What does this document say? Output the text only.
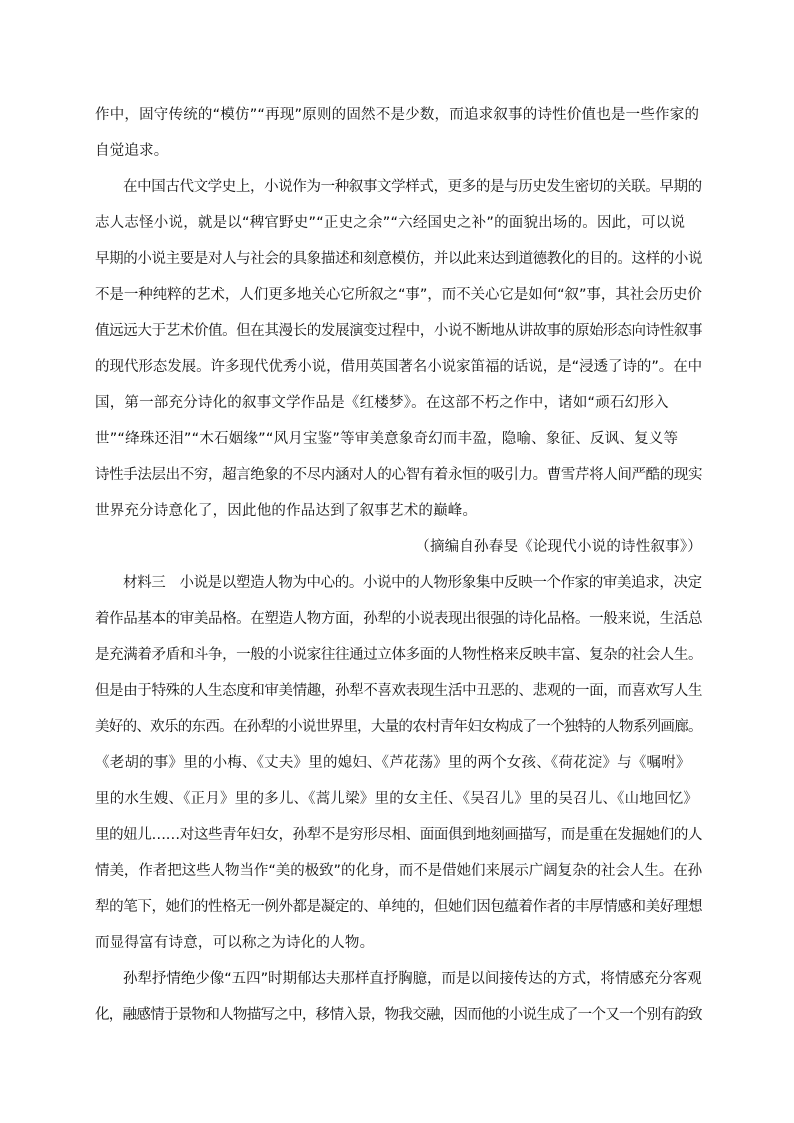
作中，固守传统的“模仿”“再现”原则的固然不是少数，而追求叙事的诗性价值也是一些作家的
自觉追求。
在中国古代文学史上，小说作为一种叙事文学样式，更多的是与历史发生密切的关联。早期的
志人志怪小说，就是以“稗官野史”“正史之余”“六经国史之补”的面貌出场的。因此，可以说
早期的小说主要是对人与社会的具象描述和刻意模仿，并以此来达到道德教化的目的。这样的小说
不是一种纯粹的艺术，人们更多地关心它所叙之“事”，而不关心它是如何“叙”事，其社会历史价
值远远大于艺术价值。但在其漫长的发展演变过程中，小说不断地从讲故事的原始形态向诗性叙事
的现代形态发展。许多现代优秀小说，借用英国著名小说家笛福的话说，是“浸透了诗的”。在中
国，第一部充分诗化的叙事文学作品是《红楼梦》。在这部不朽之作中，诸如“顽石幻形入
世”“绛珠还泪”“木石姻缘”“风月宝鉴”等审美意象奇幻而丰盈，隐喻、象征、反讽、复义等
诗性手法层出不穷，超言绝象的不尽内涵对人的心智有着永恒的吸引力。曹雪芹将人间严酷的现实
世界充分诗意化了，因此他的作品达到了叙事艺术的巅峰。
（摘编自孙春旻《论现代小说的诗性叙事》）
材料三　小说是以塑造人物为中心的。小说中的人物形象集中反映一个作家的审美追求，决定
着作品基本的审美品格。在塑造人物方面，孙犁的小说表现出很强的诗化品格。一般来说，生活总
是充满着矛盾和斗争，一般的小说家往往通过立体多面的人物性格来反映丰富、复杂的社会人生。
但是由于特殊的人生态度和审美情趣，孙犁不喜欢表现生活中丑恶的、悲观的一面，而喜欢写人生
美好的、欢乐的东西。在孙犁的小说世界里，大量的农村青年妇女构成了一个独特的人物系列画廊。
《老胡的事》里的小梅、《丈夫》里的媳妇、《芦花荡》里的两个女孩、《荷花淀》与《嘱咐》
里的水生嫂、《正月》里的多儿、《蒿儿梁》里的女主任、《吴召儿》里的吴召儿、《山地回忆》
里的妞儿……对这些青年妇女，孙犁不是穷形尽相、面面俱到地刻画描写，而是重在发掘她们的人
情美，作者把这些人物当作“美的极致”的化身，而不是借她们来展示广阔复杂的社会人生。在孙
犁的笔下，她们的性格无一例外都是凝定的、单纯的，但她们因包蕴着作者的丰厚情感和美好理想
而显得富有诗意，可以称之为诗化的人物。
孙犁抒情绝少像“五四”时期郁达夫那样直抒胸臆，而是以间接传达的方式，将情感充分客观
化，融感情于景物和人物描写之中，移情入景，物我交融，因而他的小说生成了一个又一个别有韵致
